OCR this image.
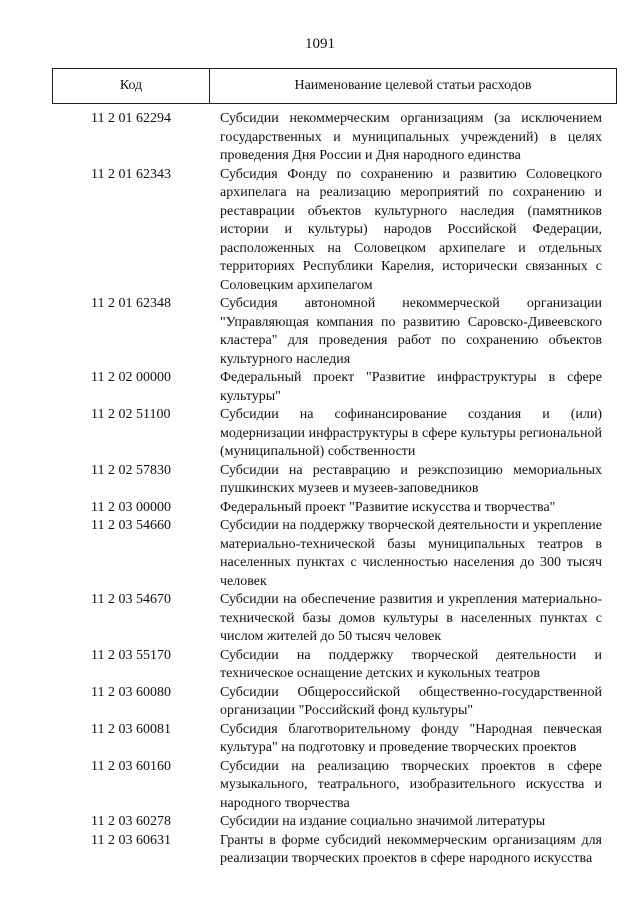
1091
Код	Наименование целевой статьи расходов
11 2 01 62294	Субсидии некоммерческим организациям (за исключением государственных и муниципальных учреждений) в целях проведения Дня России и Дня народного единства
11 2 01 62343	Субсидия Фонду по сохранению и развитию Соловецкого архипелага на реализацию мероприятий по сохранению и реставрации объектов культурного наследия (памятников истории и культуры) народов Российской Федерации, расположенных на Соловецком архипелаге и отдельных территориях Республики Карелия, исторически связанных с Соловецким архипелагом
11 2 01 62348	Субсидия автономной некоммерческой организации "Управляющая компания по развитию Саровско-Дивеевского кластера" для проведения работ по сохранению объектов культурного наследия
11 2 02 00000	Федеральный проект "Развитие инфраструктуры в сфере культуры"
11 2 02 51100	Субсидии на софинансирование создания и (или) модернизации инфраструктуры в сфере культуры региональной (муниципальной) собственности
11 2 02 57830	Субсидии на реставрацию и реэкспозицию мемориальных пушкинских музеев и музеев-заповедников
11 2 03 00000	Федеральный проект "Развитие искусства и творчества"
11 2 03 54660	Субсидии на поддержку творческой деятельности и укрепление материально-технической базы муниципальных театров в населенных пунктах с численностью населения до 300 тысяч человек
11 2 03 54670	Субсидии на обеспечение развития и укрепления материально-технической базы домов культуры в населенных пунктах с числом жителей до 50 тысяч человек
11 2 03 55170	Субсидии на поддержку творческой деятельности и техническое оснащение детских и кукольных театров
11 2 03 60080	Субсидии Общероссийской общественно-государственной организации "Российский фонд культуры"
11 2 03 60081	Субсидия благотворительному фонду "Народная певческая культура" на подготовку и проведение творческих проектов
11 2 03 60160	Субсидии на реализацию творческих проектов в сфере музыкального, театрального, изобразительного искусства и народного творчества
11 2 03 60278	Субсидии на издание социально значимой литературы
11 2 03 60631	Гранты в форме субсидий некоммерческим организациям для реализации творческих проектов в сфере народного искусства
